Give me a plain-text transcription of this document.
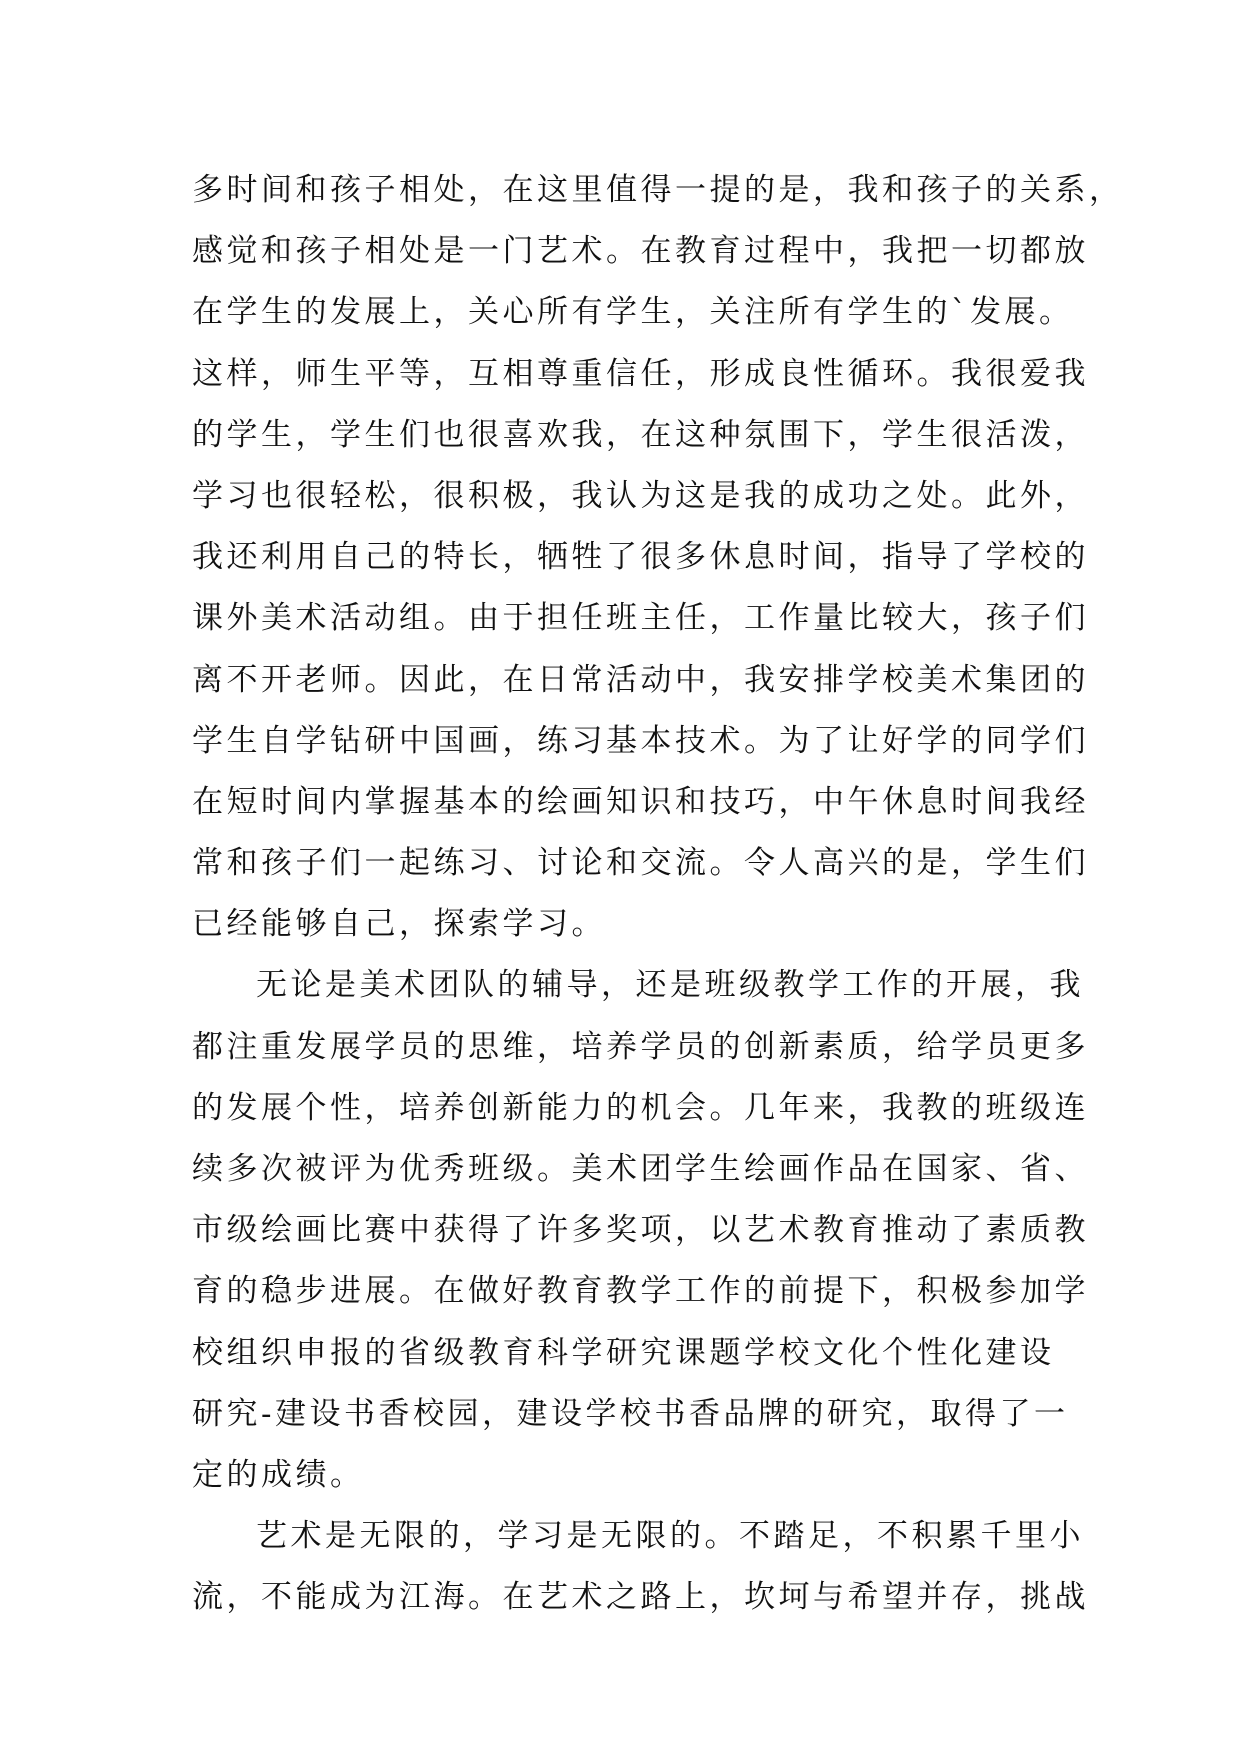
多时间和孩子相处，在这里值得一提的是，我和孩子的关系，
感觉和孩子相处是一门艺术。在教育过程中，我把一切都放
在学生的发展上，关心所有学生，关注所有学生的`发展。
这样，师生平等，互相尊重信任，形成良性循环。我很爱我
的学生，学生们也很喜欢我，在这种氛围下，学生很活泼，
学习也很轻松，很积极，我认为这是我的成功之处。此外，
我还利用自己的特长，牺牲了很多休息时间，指导了学校的
课外美术活动组。由于担任班主任，工作量比较大，孩子们
离不开老师。因此，在日常活动中，我安排学校美术集团的
学生自学钻研中国画，练习基本技术。为了让好学的同学们
在短时间内掌握基本的绘画知识和技巧，中午休息时间我经
常和孩子们一起练习、讨论和交流。令人高兴的是，学生们
已经能够自己，探索学习。
无论是美术团队的辅导，还是班级教学工作的开展，我
都注重发展学员的思维，培养学员的创新素质，给学员更多
的发展个性，培养创新能力的机会。几年来，我教的班级连
续多次被评为优秀班级。美术团学生绘画作品在国家、省、
市级绘画比赛中获得了许多奖项，以艺术教育推动了素质教
育的稳步进展。在做好教育教学工作的前提下，积极参加学
校组织申报的省级教育科学研究课题学校文化个性化建设
研究-建设书香校园，建设学校书香品牌的研究，取得了一
定的成绩。
艺术是无限的，学习是无限的。不踏足，不积累千里小
流，不能成为江海。在艺术之路上，坎坷与希望并存，挑战
